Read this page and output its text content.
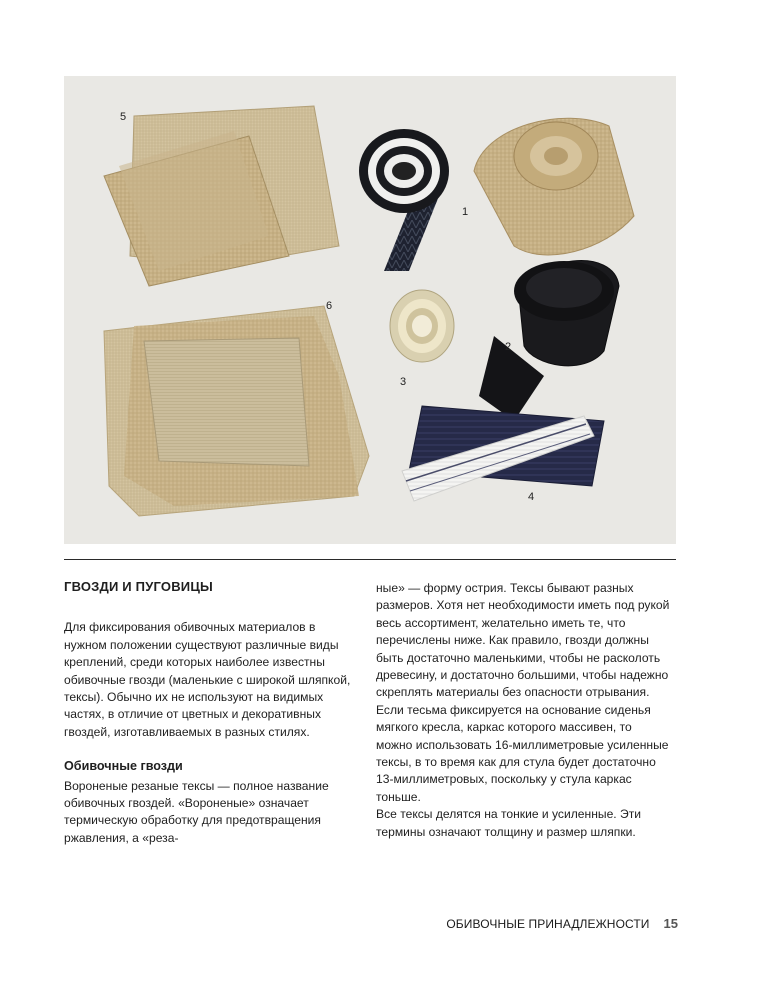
5
1
6
2
3
4
ГВОЗДИ И ПУГОВИЦЫ

Для фиксирования обивочных материалов в нужном положении существуют различные виды креплений, среди которых наиболее известны обивочные гвозди (маленькие с широкой шляпкой, тексы). Обычно их не используют на видимых частях, в отличие от цветных и декоративных гвоздей, изготавливаемых в разных стилях.

Обивочные гвозди

Вороненые резаные тексы — полное название обивочных гвоздей. «Вороненые» означает термическую обработку для предотвращения ржавления, а «реза-

ные» — форму острия. Тексы бывают разных размеров. Хотя нет необходимости иметь под рукой весь ассортимент, желательно иметь те, что перечислены ниже. Как правило, гвозди должны быть достаточно маленькими, чтобы не расколоть древесину, и достаточно большими, чтобы надежно скреплять материалы без опасности отрывания. Если тесьма фиксируется на основание сиденья мягкого кресла, каркас которого массивен, то можно использовать 16-миллиметровые усиленные тексы, в то время как для стула будет достаточно 13-миллиметровых, поскольку у стула каркас тоньше.

Все тексы делятся на тонкие и усиленные. Эти термины означают толщину и размер шляпки.

ОБИВОЧНЫЕ ПРИНАДЛЕЖНОСТИ 15
